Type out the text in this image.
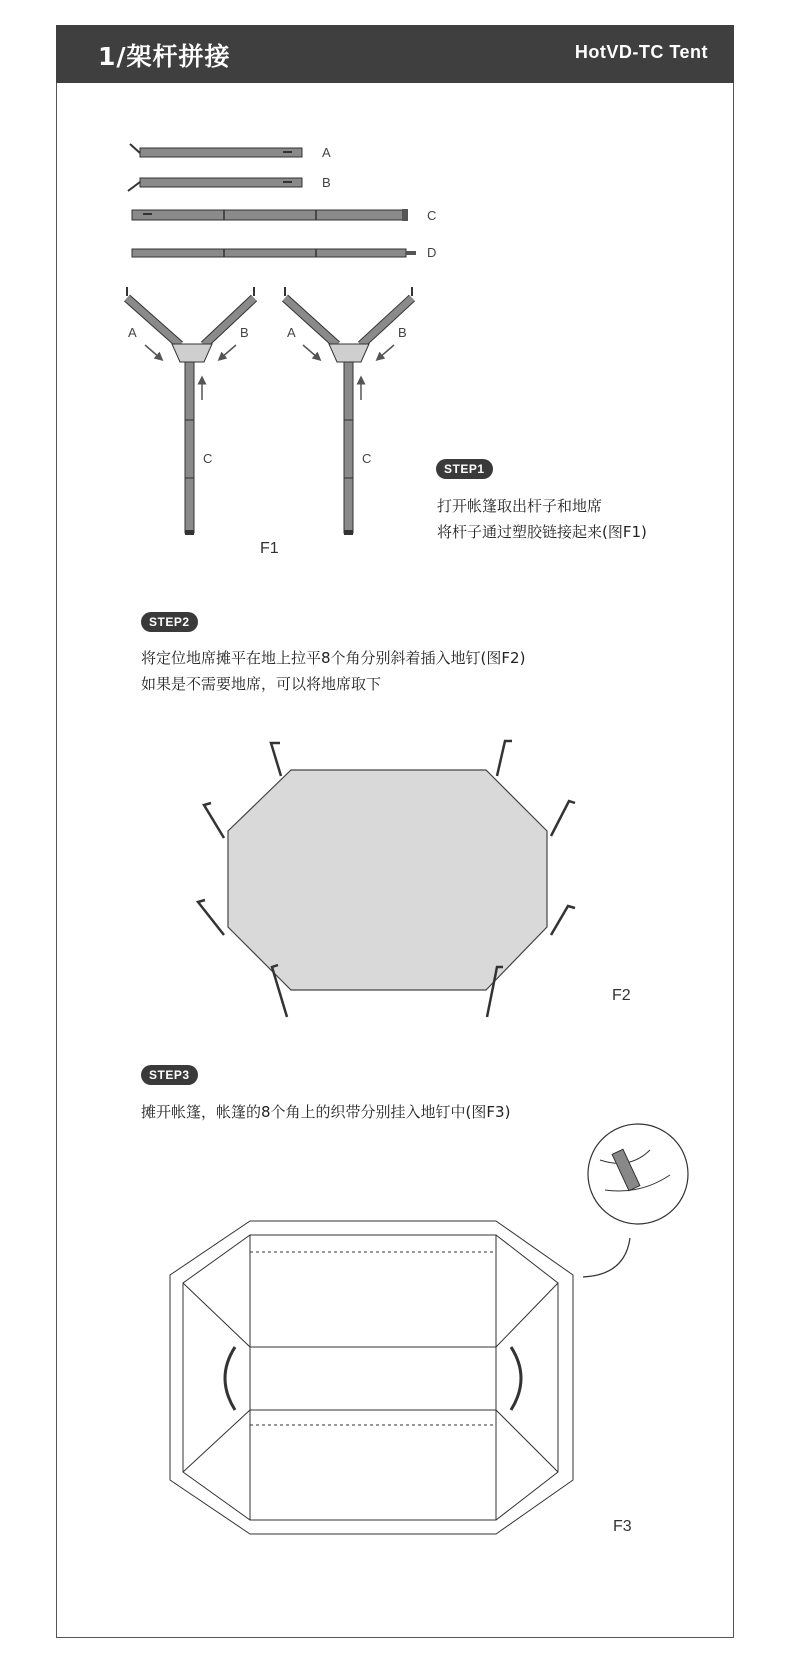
1/架杆拼接	HotVD-TC Tent
A
B
C
D
A	B
C
A	B
C
STEP1
打开帐篷取出杆子和地席
将杆子通过塑胶链接起来(图F1)
F1
STEP2
将定位地席摊平在地上拉平8个角分别斜着插入地钉(图F2)
如果是不需要地席，可以将地席取下
F2
STEP3
摊开帐篷，帐篷的8个角上的织带分别挂入地钉中(图F3)
F3
